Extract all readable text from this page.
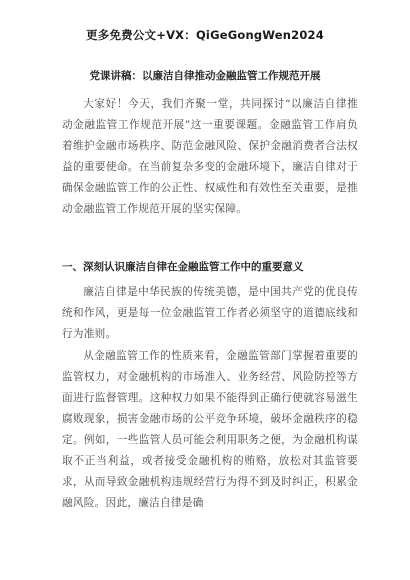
更多免费公文+VX：QiGeGongWen2024
党课讲稿：以廉洁自律推动金融监管工作规范开展
大家好！今天，我们齐聚一堂，共同探讨“以廉洁自律推动金融监管工作规范开展”这一重要课题。金融监管工作肩负着维护金融市场秩序、防范金融风险、保护金融消费者合法权益的重要使命。在当前复杂多变的金融环境下，廉洁自律对于确保金融监管工作的公正性、权威性和有效性至关重要，是推动金融监管工作规范开展的坚实保障。
一、深刻认识廉洁自律在金融监管工作中的重要意义
廉洁自律是中华民族的传统美德，是中国共产党的优良传统和作风，更是每一位金融监管工作者必须坚守的道德底线和行为准则。
从金融监管工作的性质来看，金融监管部门掌握着重要的监管权力，对金融机构的市场准入、业务经营、风险防控等方面进行监督管理。这种权力如果不能得到正确行使就容易滋生腐败现象，损害金融市场的公平竞争环境，破坏金融秩序的稳定。例如，一些监管人员可能会利用职务之便，为金融机构谋取不正当利益，或者接受金融机构的贿赂，放松对其监管要求，从而导致金融机构违规经营行为得不到及时纠正，积累金融风险。因此，廉洁自律是确
